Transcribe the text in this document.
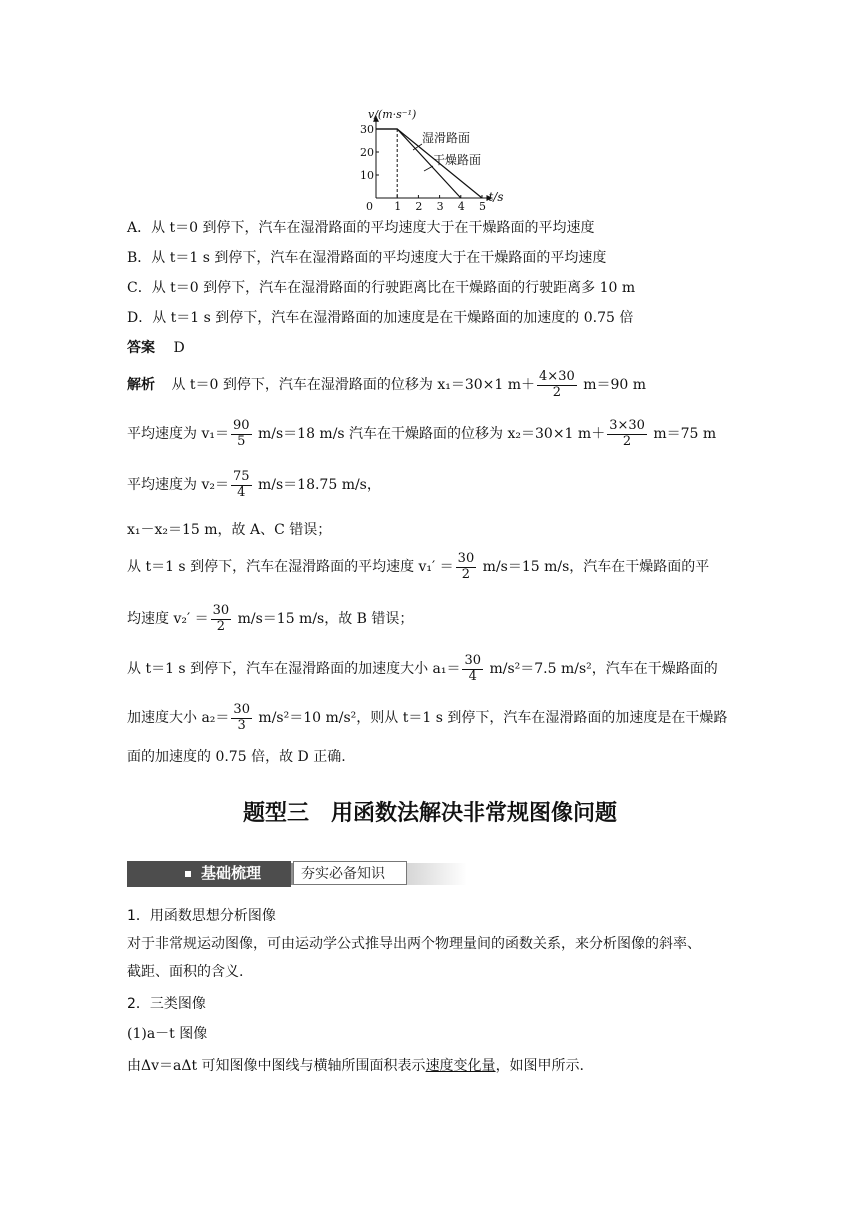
v/(m·s⁻¹)
t/s
0 1 2 3 4 5
10
20
30
湿滑路面
干燥路面
A．从 t＝0 到停下，汽车在湿滑路面的平均速度大于在干燥路面的平均速度
B．从 t＝1 s 到停下，汽车在湿滑路面的平均速度大于在干燥路面的平均速度
C．从 t＝0 到停下，汽车在湿滑路面的行驶距离比在干燥路面的行驶距离多 10 m
D．从 t＝1 s 到停下，汽车在湿滑路面的加速度是在干燥路面的加速度的 0.75 倍
答案 D
解析 从 t＝0 到停下，汽车在湿滑路面的位移为 x₁＝30×1 $m+ \frac{4\times 30}{2} m=90$ m
平均速度为 $v_1= \frac{90}{5} m/s=18$ m/s 汽车在干燥路面的位移为 x₂＝30×1 $m+ \frac{3\times 30}{2} m=75$ m
平均速度为 $v_2= \frac{75}{4} m/s=18.75$ m/s，
x₁－x₂＝15 m，故 A、C 错误；
从 t＝1 s 到停下，汽车在湿滑路面的平均速度 $v_1' = \frac{30}{2} m/s=15$ m/s，汽车在干燥路面的平
均速度 $v_2' = \frac{30}{2} m/s=15$ m/s，故 B 错误；
从 t＝1 s 到停下，汽车在湿滑路面的加速度大小 $a_1= \frac{30}{4} m/s^2=7.5$ m/s²，汽车在干燥路面的
加速度大小 $a_2= \frac{30}{3} m/s^2=10$ m/s²，则从 t＝1 s 到停下，汽车在湿滑路面的加速度是在干燥路
面的加速度的 0.75 倍，故 D 正确.
题型三　用函数法解决非常规图像问题
基础梳理	夯实必备知识
1．用函数思想分析图像
对于非常规运动图像，可由运动学公式推导出两个物理量间的函数关系，来分析图像的斜率、
截距、面积的含义.
2．三类图像
(1)a－t 图像
由Δv＝aΔt 可知图像中图线与横轴所围面积表示速度变化量，如图甲所示.
